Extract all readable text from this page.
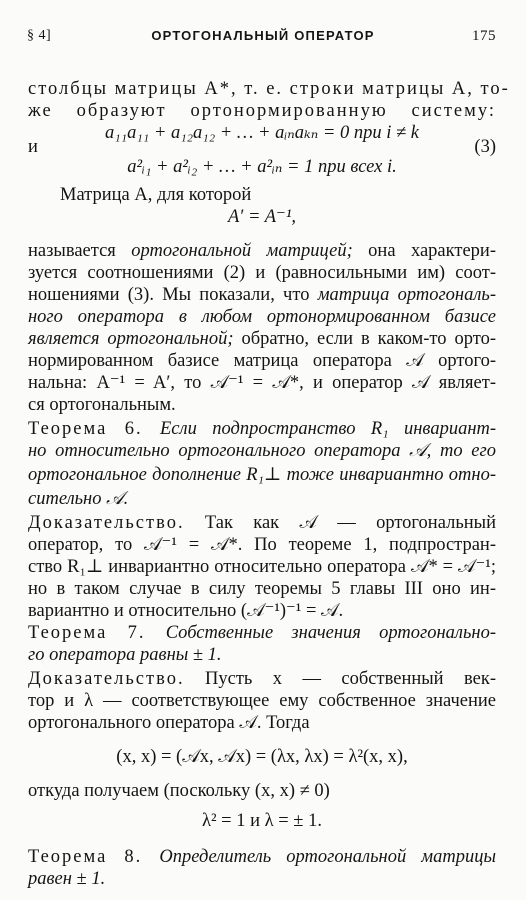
§ 4]	ОРТОГОНАЛЬНЫЙ ОПЕРАТОР	175
столбцы матрицы A*, т. е. строки матрицы A, то-
же образуют ортонормированную систему:
a₁₁a₁₁ + a₁₂a₁₂ + … + aᵢₙaₖₙ = 0 при i ≠ k
и	(3)
a²ᵢ₁ + a²ᵢ₂ + … + a²ᵢₙ = 1 при всех i.
Матрица A, для которой
A′ = A⁻¹,
называется ортогональной матрицей; она характери-
зуется соотношениями (2) и (равносильными им) соот-
ношениями (3). Мы показали, что матрица ортогональ-
ного оператора в любом ортонормированном базисе
является ортогональной; обратно, если в каком-то орто-
нормированном базисе матрица оператора 𝒜 ортого-
нальна: A⁻¹ = A′, то 𝒜⁻¹ = 𝒜*, и оператор 𝒜 являет-
ся ортогональным.
Теорема 6. Если подпространство R₁ инвариант-
но относительно ортогонального оператора 𝒜, то его
ортогональное дополнение R₁⊥ тоже инвариантно отно-
сительно 𝒜.
Доказательство. Так как 𝒜 — ортогональный
оператор, то 𝒜⁻¹ = 𝒜*. По теореме 1, подпростран-
ство R₁⊥ инвариантно относительно оператора 𝒜* = 𝒜⁻¹;
но в таком случае в силу теоремы 5 главы III оно ин-
вариантно и относительно (𝒜⁻¹)⁻¹ = 𝒜.
Теорема 7. Собственные значения ортогонально-
го оператора равны ± 1.
Доказательство. Пусть x — собственный век-
тор и λ — соответствующее ему собственное значение
ортогонального оператора 𝒜. Тогда
(x, x) = (𝒜x, 𝒜x) = (λx, λx) = λ²(x, x),
откуда получаем (поскольку (x, x) ≠ 0)
λ² = 1 и λ = ± 1.
Теорема 8. Определитель ортогональной матрицы
равен ± 1.
